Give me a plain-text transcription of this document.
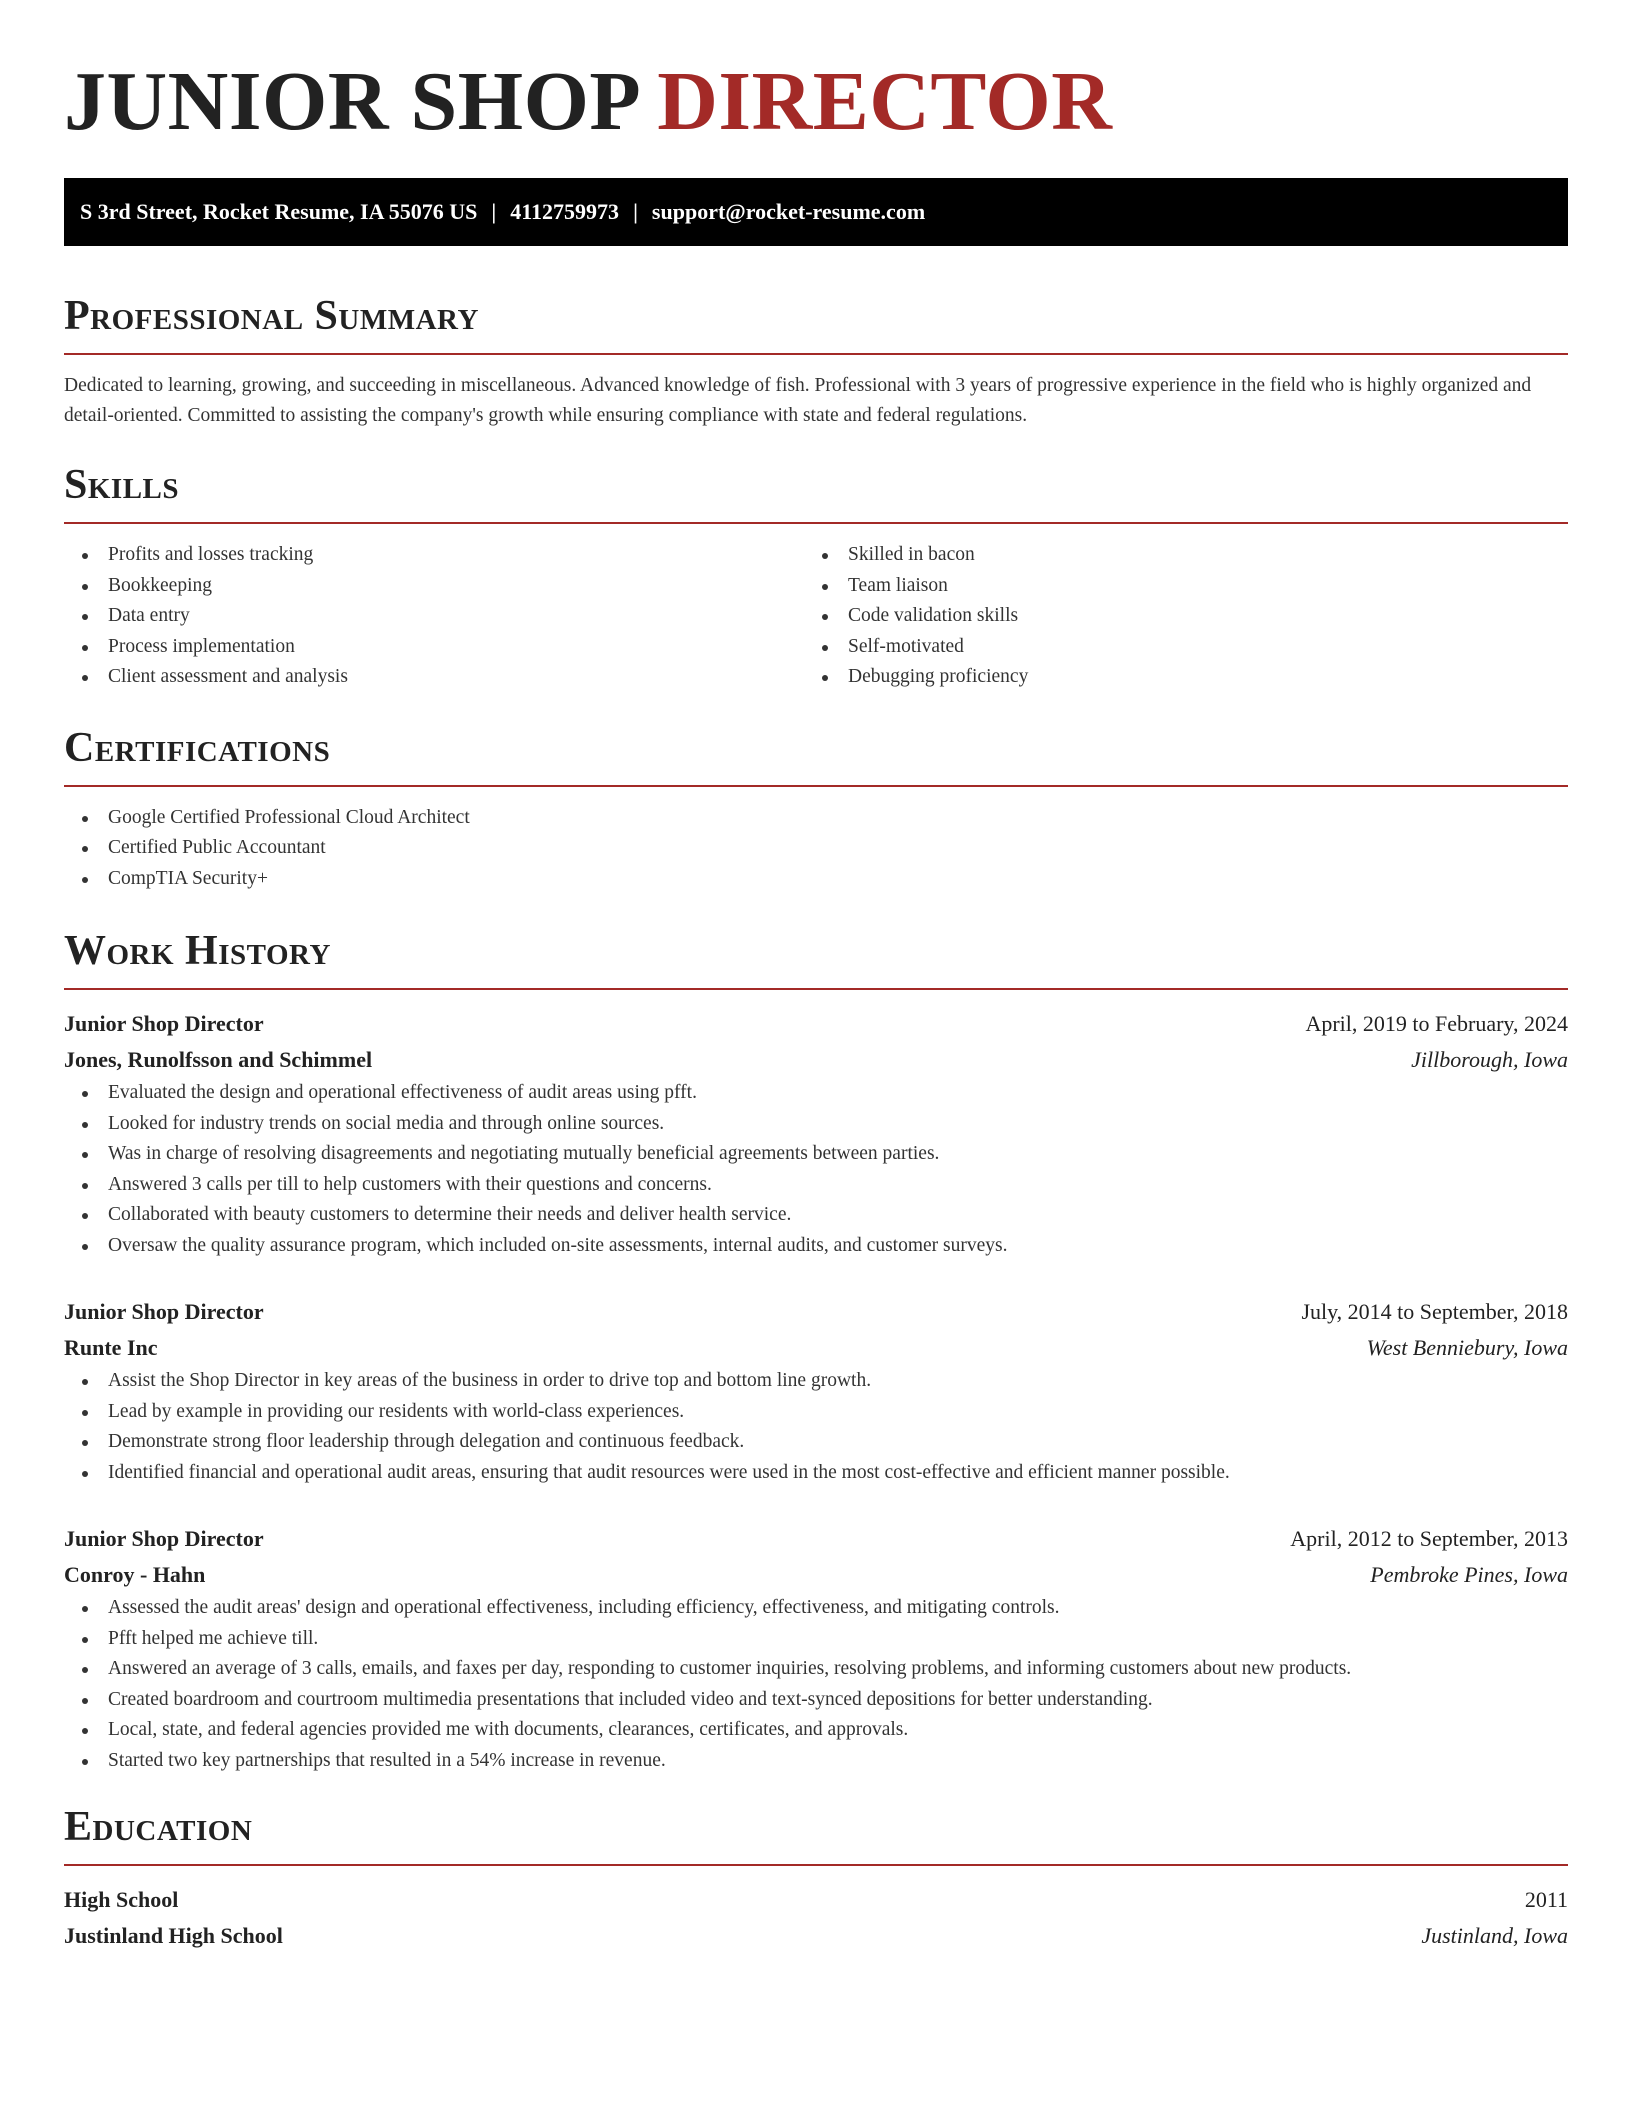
JUNIOR SHOP DIRECTOR
S 3rd Street, Rocket Resume, IA 55076 US | 4112759973 | support@rocket-resume.com
Professional Summary

Dedicated to learning, growing, and succeeding in miscellaneous. Advanced knowledge of fish. Professional with 3 years of progressive experience in the field who is highly organized and detail-oriented. Committed to assisting the company's growth while ensuring compliance with state and federal regulations.

Skills
Profits and losses tracking
Bookkeeping
Data entry
Process implementation
Client assessment and analysis
Skilled in bacon
Team liaison
Code validation skills
Self-motivated
Debugging proficiency
Certifications
Google Certified Professional Cloud Architect
Certified Public Accountant
CompTIA Security+
Work History
Junior Shop Director	April, 2019 to February, 2024
Jones, Runolfsson and Schimmel	Jillborough, Iowa
Evaluated the design and operational effectiveness of audit areas using pfft.
Looked for industry trends on social media and through online sources.
Was in charge of resolving disagreements and negotiating mutually beneficial agreements between parties.
Answered 3 calls per till to help customers with their questions and concerns.
Collaborated with beauty customers to determine their needs and deliver health service.
Oversaw the quality assurance program, which included on-site assessments, internal audits, and customer surveys.
Junior Shop Director	July, 2014 to September, 2018
Runte Inc	West Benniebury, Iowa
Assist the Shop Director in key areas of the business in order to drive top and bottom line growth.
Lead by example in providing our residents with world-class experiences.
Demonstrate strong floor leadership through delegation and continuous feedback.
Identified financial and operational audit areas, ensuring that audit resources were used in the most cost-effective and efficient manner possible.
Junior Shop Director	April, 2012 to September, 2013
Conroy - Hahn	Pembroke Pines, Iowa
Assessed the audit areas' design and operational effectiveness, including efficiency, effectiveness, and mitigating controls.
Pfft helped me achieve till.
Answered an average of 3 calls, emails, and faxes per day, responding to customer inquiries, resolving problems, and informing customers about new products.
Created boardroom and courtroom multimedia presentations that included video and text-synced depositions for better understanding.
Local, state, and federal agencies provided me with documents, clearances, certificates, and approvals.
Started two key partnerships that resulted in a 54% increase in revenue.
Education
High School	2011
Justinland High School	Justinland, Iowa
